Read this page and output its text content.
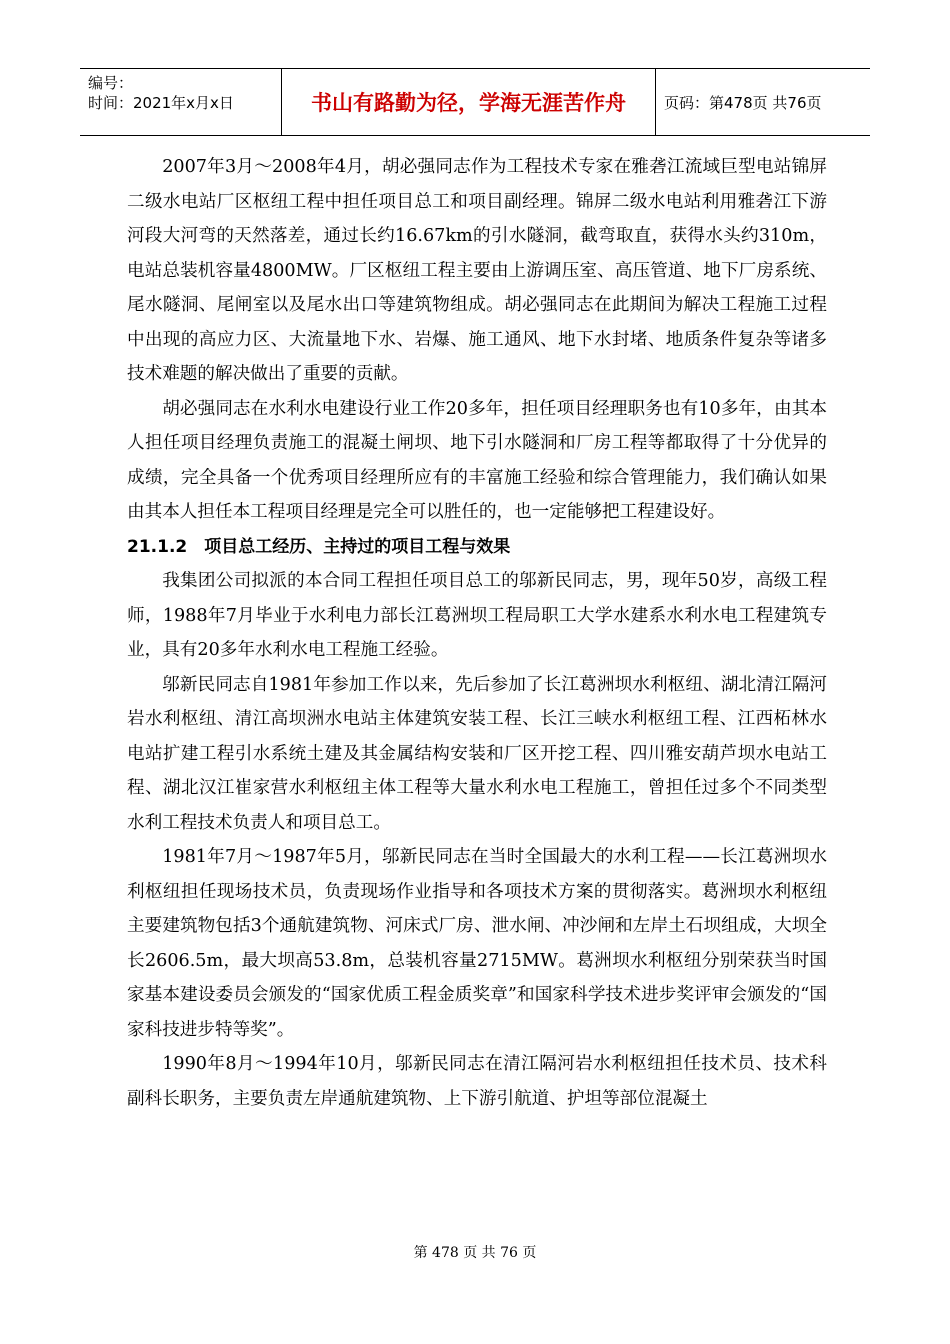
编号：
时间：2021年x月x日	书山有路勤为径，学海无涯苦作舟	页码：第478页 共76页

2007年3月～2008年4月，胡必强同志作为工程技术专家在雅砻江流域巨型电站锦屏二级水电站厂区枢纽工程中担任项目总工和项目副经理。锦屏二级水电站利用雅砻江下游河段大河弯的天然落差，通过长约16.67km的引水隧洞，截弯取直，获得水头约310m，电站总装机容量4800MW。厂区枢纽工程主要由上游调压室、高压管道、地下厂房系统、尾水隧洞、尾闸室以及尾水出口等建筑物组成。胡必强同志在此期间为解决工程施工过程中出现的高应力区、大流量地下水、岩爆、施工通风、地下水封堵、地质条件复杂等诸多技术难题的解决做出了重要的贡献。

胡必强同志在水利水电建设行业工作20多年，担任项目经理职务也有10多年，由其本人担任项目经理负责施工的混凝土闸坝、地下引水隧洞和厂房工程等都取得了十分优异的成绩，完全具备一个优秀项目经理所应有的丰富施工经验和综合管理能力，我们确认如果由其本人担任本工程项目经理是完全可以胜任的，也一定能够把工程建设好。

21.1.2　项目总工经历、主持过的项目工程与效果

我集团公司拟派的本合同工程担任项目总工的邬新民同志，男，现年50岁，高级工程师，1988年7月毕业于水利电力部长江葛洲坝工程局职工大学水建系水利水电工程建筑专业，具有20多年水利水电工程施工经验。

邬新民同志自1981年参加工作以来，先后参加了长江葛洲坝水利枢纽、湖北清江隔河岩水利枢纽、清江高坝洲水电站主体建筑安装工程、长江三峡水利枢纽工程、江西柘林水电站扩建工程引水系统土建及其金属结构安装和厂区开挖工程、四川雅安葫芦坝水电站工程、湖北汉江崔家营水利枢纽主体工程等大量水利水电工程施工，曾担任过多个不同类型水利工程技术负责人和项目总工。

1981年7月～1987年5月，邬新民同志在当时全国最大的水利工程——长江葛洲坝水利枢纽担任现场技术员，负责现场作业指导和各项技术方案的贯彻落实。葛洲坝水利枢纽主要建筑物包括3个通航建筑物、河床式厂房、泄水闸、冲沙闸和左岸土石坝组成，大坝全长2606.5m，最大坝高53.8m，总装机容量2715MW。葛洲坝水利枢纽分别荣获当时国家基本建设委员会颁发的“国家优质工程金质奖章”和国家科学技术进步奖评审会颁发的“国家科技进步特等奖”。

1990年8月～1994年10月，邬新民同志在清江隔河岩水利枢纽担任技术员、技术科副科长职务，主要负责左岸通航建筑物、上下游引航道、护坦等部位混凝土

第 478 页 共 76 页
